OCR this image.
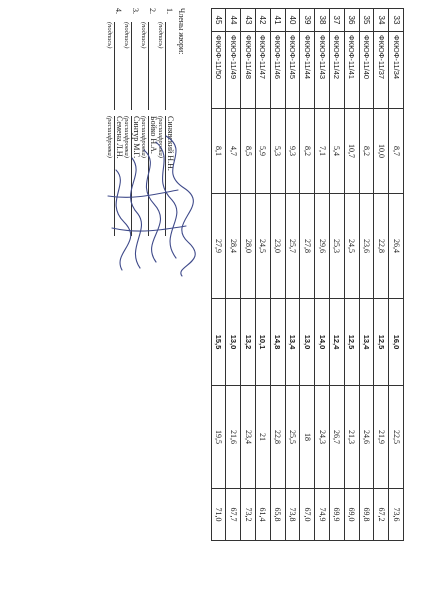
33	ФКЮФ-11/34	8,7	26,4	16,0	22,5	73,6
34	ФКЮФ-11/37	10,0	22,8	12,5	21,9	67,2
35	ФКЮФ-11/40	8,2	23,6	13,4	24,6	69,8
36	ФКЮФ-11/41	10,7	24,5	12,5	21,3	69,0
37	ФКЮФ-11/42	5,4	25,3	12,4	26,7	69,9
38	ФКЮФ-11/43	7,1	29,6	14,0	24,3	74,9
39	ФКЮФ-11/44	8,2	27,8	13,0	18	67,0
40	ФКЮФ-11/45	9,3	25,7	13,4	25,5	73,8
41	ФКЮФ-11/46	5,3	23,0	14,8	22,8	65,8
42	ФКЮФ-11/47	5,9	24,5	10,1	21	61,4
43	ФКЮФ-11/48	8,5	28,0	13,2	23,4	73,2
44	ФКЮФ-11/49	4,7	28,4	13,0	21,6	67,7
45	ФКЮФ-11/50	8,1	27,9	15,5	19,5	71,0
Члены жюри:
1.
Синявский Н.Н.
(подпись)
(расшифровка)
2.
Бойко Н.А.
(подпись)
(расшифровка)
3.
Синтур М.Г.
(подпись)
(расшифровка)
4.
Семена Л.Н.
(подпись)
(расшифровка)
